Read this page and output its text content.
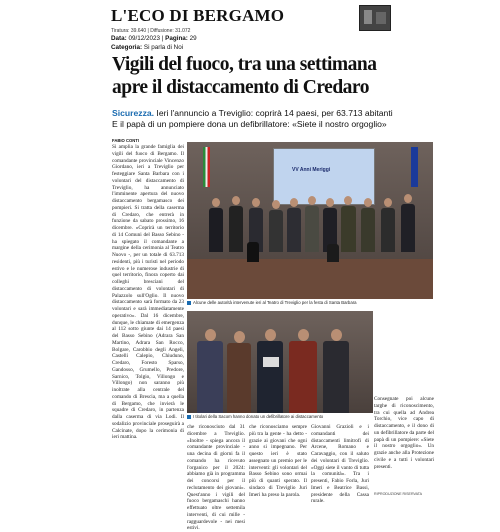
L'ECO DI BERGAMO
Tiratura: 39.640 | Diffusione: 31.072
Data: 09/12/2023 | Pagina: 29
Categoria: Si parla di Noi
Vigili del fuoco, tra una settimana
apre il distaccamento di Credaro
Sicurezza. Ieri l'annuncio a Treviglio: coprirà 14 paesi, per 63.713 abitanti
E il papà di un pompiere dona un defibrillatore: «Siete il nostro orgoglio»
FABIO CONTI
Si amplia la grande famiglia dei vigili del fuoco di Bergamo. Il comandante provinciale Vincenzo Giordano, ieri a Treviglio per festeggiare Santa Barbara con i volontari del distaccamento di Treviglio, ha annunciato l'imminente apertura del nuovo distaccamento bergamasco dei pompieri. Si tratta della caserma di Credaro, che entrerà in funzione da sabato prossimo, 16 dicembre. «Coprirà un territorio di 14 Comuni del Basso Sebino - ha spiegato il comandante a margine della cerimonia al Teatro Nuovo -, per un totale di 63.713 residenti, più i turisti nel periodo estivo e le numerose industrie di quel territorio, finora coperto dai colleghi bresciani del distaccamento di volontari di Palazzolo sull'Oglio. Il nuovo distaccamento sarà formato da 23 volontari e sarà immediatamente operativo». Dal 16 dicembre, dunque, le chiamate di emergenza al 112 sotto giunte dai 14 paesi del Basso Sebino (Adrara San Martino, Adrara San Rocco, Bolgare, Carobbio degli Angeli, Castelli Calepio, Chiuduno, Credaro, Foresto Sparso, Gandosso, Grumello, Predore, Sarnico, Tolgio, Villongo e Villongo) non saranno più inoltrate alla centrale del comando di Brescia, ma a quella di Bergamo, che invierà le squadre di Credaro, in partenza dalla caserma di via Lodi. Il sodalizio provinciale proseguirà a Calcinate, dopo la cerimonia di ieri mattina.
VV Anni Meriggi
Alcune delle autorità intervenute ieri al Teatro di Treviglio per la festa di Santa Barbara
I titolari della Sacom hanno donato un defibrillatore ai distaccamento
che riconosciuto dal 31 dicembre a Treviglio. «Inoltre - spiega ancora il comandante provinciale - una decina di giorni fa il comando ha ricevuto l'organico per il 2024: abbiamo già in programma dei concorsi per il reclutamento dei giovani». Quest'anno i vigili del fuoco bergamaschi hanno effettuato oltre settemila interventi, di cui mille - ragguardevole - nei mesi estivi.
che riconosciamo sempre più tra la gente - ha detto - grazie ai giovani che ogni anno si impegnano. Per questo ieri è stato assegnato un premio per le interventi: gli volontari del Basso Sebino sono ormai più di quanti sperato. Il sindaco di Treviglio Juri Imeri ha preso la parola.
Giovanni Grazioli e i comandanti dei distaccamenti limitrofi di Arcene, Romano e Caravaggio, con il saluto dei volontari di Treviglio. «Oggi siete il vanto di tutta la comunità». Tra i presenti, Fabio Forla, Juri Imeri e Beatrice Bassi, presidente della Cassa rurale.
Consegnate poi alcune targhe di riconoscimento, tra cui quella ad Andrea Torchio, vice capo di distaccamento, e il dono di un defibrillatore da parte del papà di un pompiere: «Siete il nostro orgoglio». Un grazie anche alla Protezione civile e a tutti i volontari presenti.
RIPRODUZIONE RISERVATA
